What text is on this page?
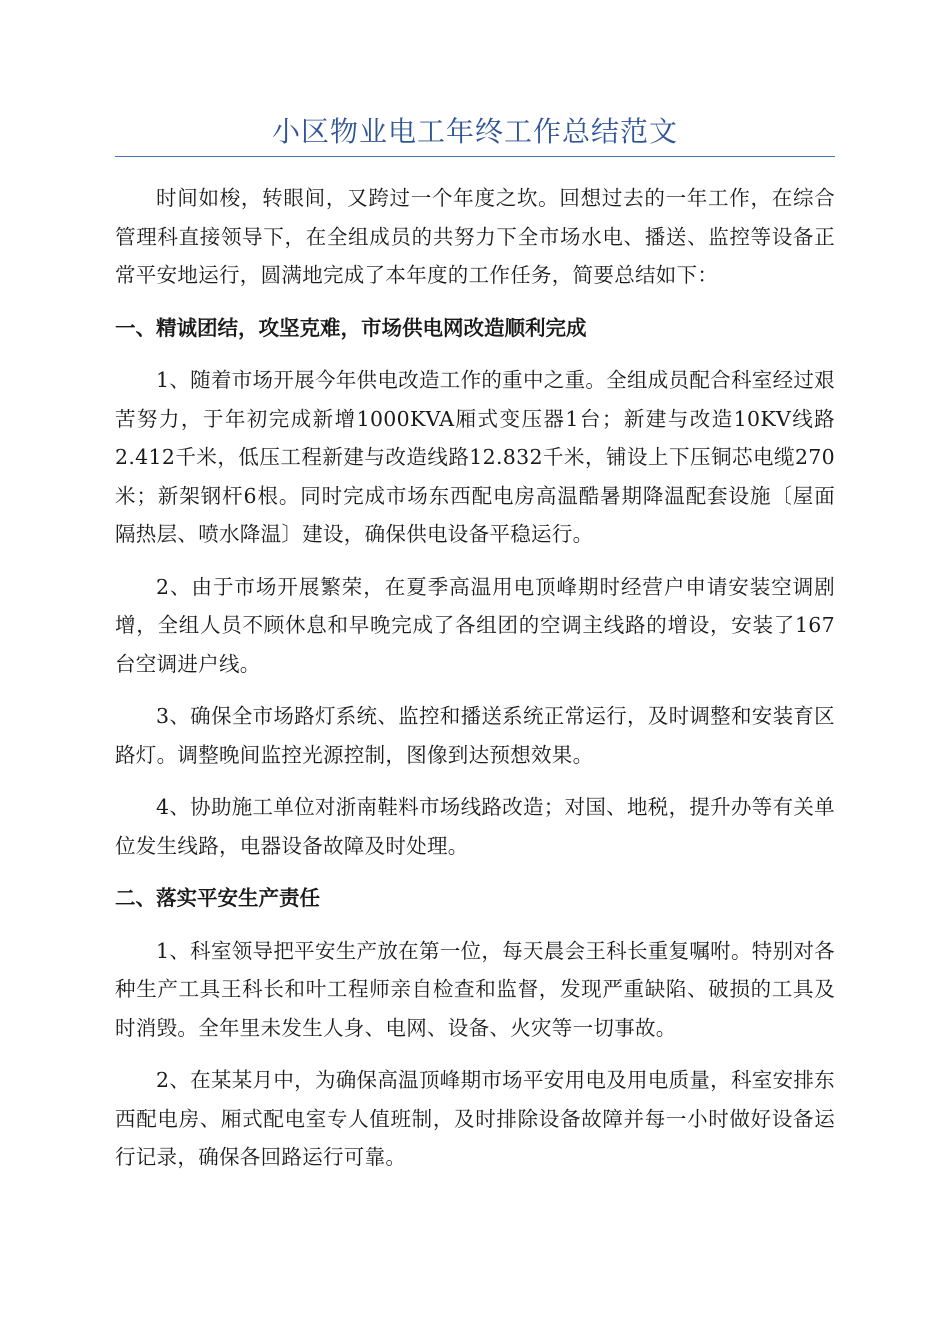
小区物业电工年终工作总结范文

时间如梭，转眼间，又跨过一个年度之坎。回想过去的一年工作，在综合管理科直接领导下，在全组成员的共努力下全市场水电、播送、监控等设备正常平安地运行，圆满地完成了本年度的工作任务，简要总结如下：

一、精诚团结，攻坚克难，市场供电网改造顺利完成

1、随着市场开展今年供电改造工作的重中之重。全组成员配合科室经过艰苦努力，于年初完成新增1000KVA厢式变压器1台；新建与改造10KV线路2.412千米，低压工程新建与改造线路12.832千米，铺设上下压铜芯电缆270米；新架钢杆6根。同时完成市场东西配电房高温酷暑期降温配套设施〔屋面隔热层、喷水降温〕建设，确保供电设备平稳运行。

2、由于市场开展繁荣，在夏季高温用电顶峰期时经营户申请安装空调剧增，全组人员不顾休息和早晚完成了各组团的空调主线路的增设，安装了167台空调进户线。

3、确保全市场路灯系统、监控和播送系统正常运行，及时调整和安装育区路灯。调整晚间监控光源控制，图像到达预想效果。

4、协助施工单位对浙南鞋料市场线路改造；对国、地税，提升办等有关单位发生线路，电器设备故障及时处理。

二、落实平安生产责任

1、科室领导把平安生产放在第一位，每天晨会王科长重复嘱咐。特别对各种生产工具王科长和叶工程师亲自检查和监督，发现严重缺陷、破损的工具及时消毁。全年里未发生人身、电网、设备、火灾等一切事故。

2、在某某月中，为确保高温顶峰期市场平安用电及用电质量，科室安排东西配电房、厢式配电室专人值班制，及时排除设备故障并每一小时做好设备运行记录，确保各回路运行可靠。
